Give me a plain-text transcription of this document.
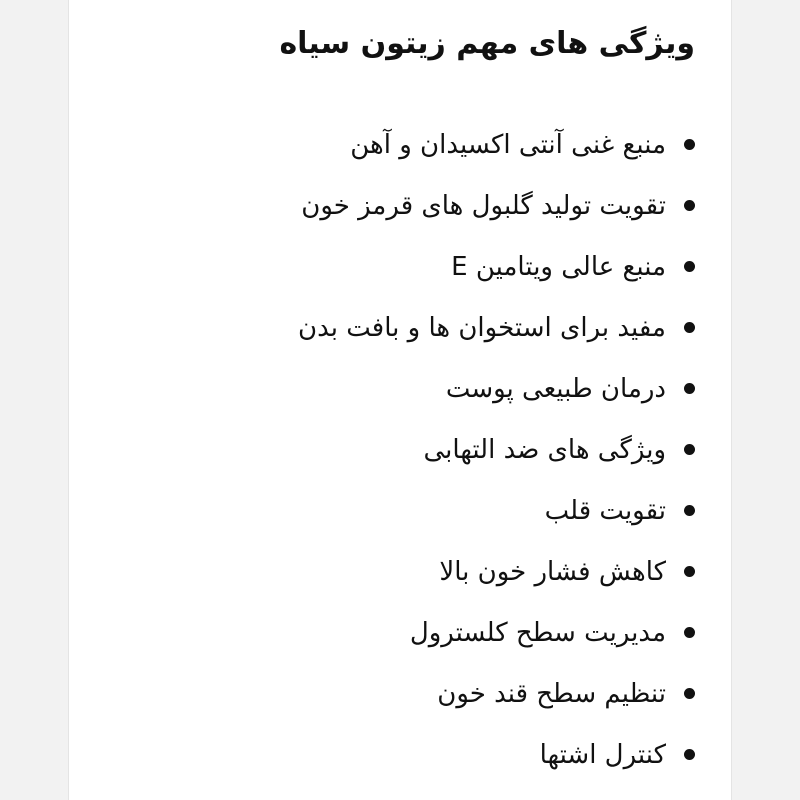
ویژگی های مهم زیتون سیاه
منبع غنی آنتی اکسیدان و آهن
تقویت تولید گلبول های قرمز خون
منبع عالی ویتامین E
مفید برای استخوان ها و بافت بدن
درمان طبیعی پوست
ویژگی های ضد التهابی
تقویت قلب
کاهش فشار خون بالا
مدیریت سطح کلسترول
تنظیم سطح قند خون
کنترل اشتها
